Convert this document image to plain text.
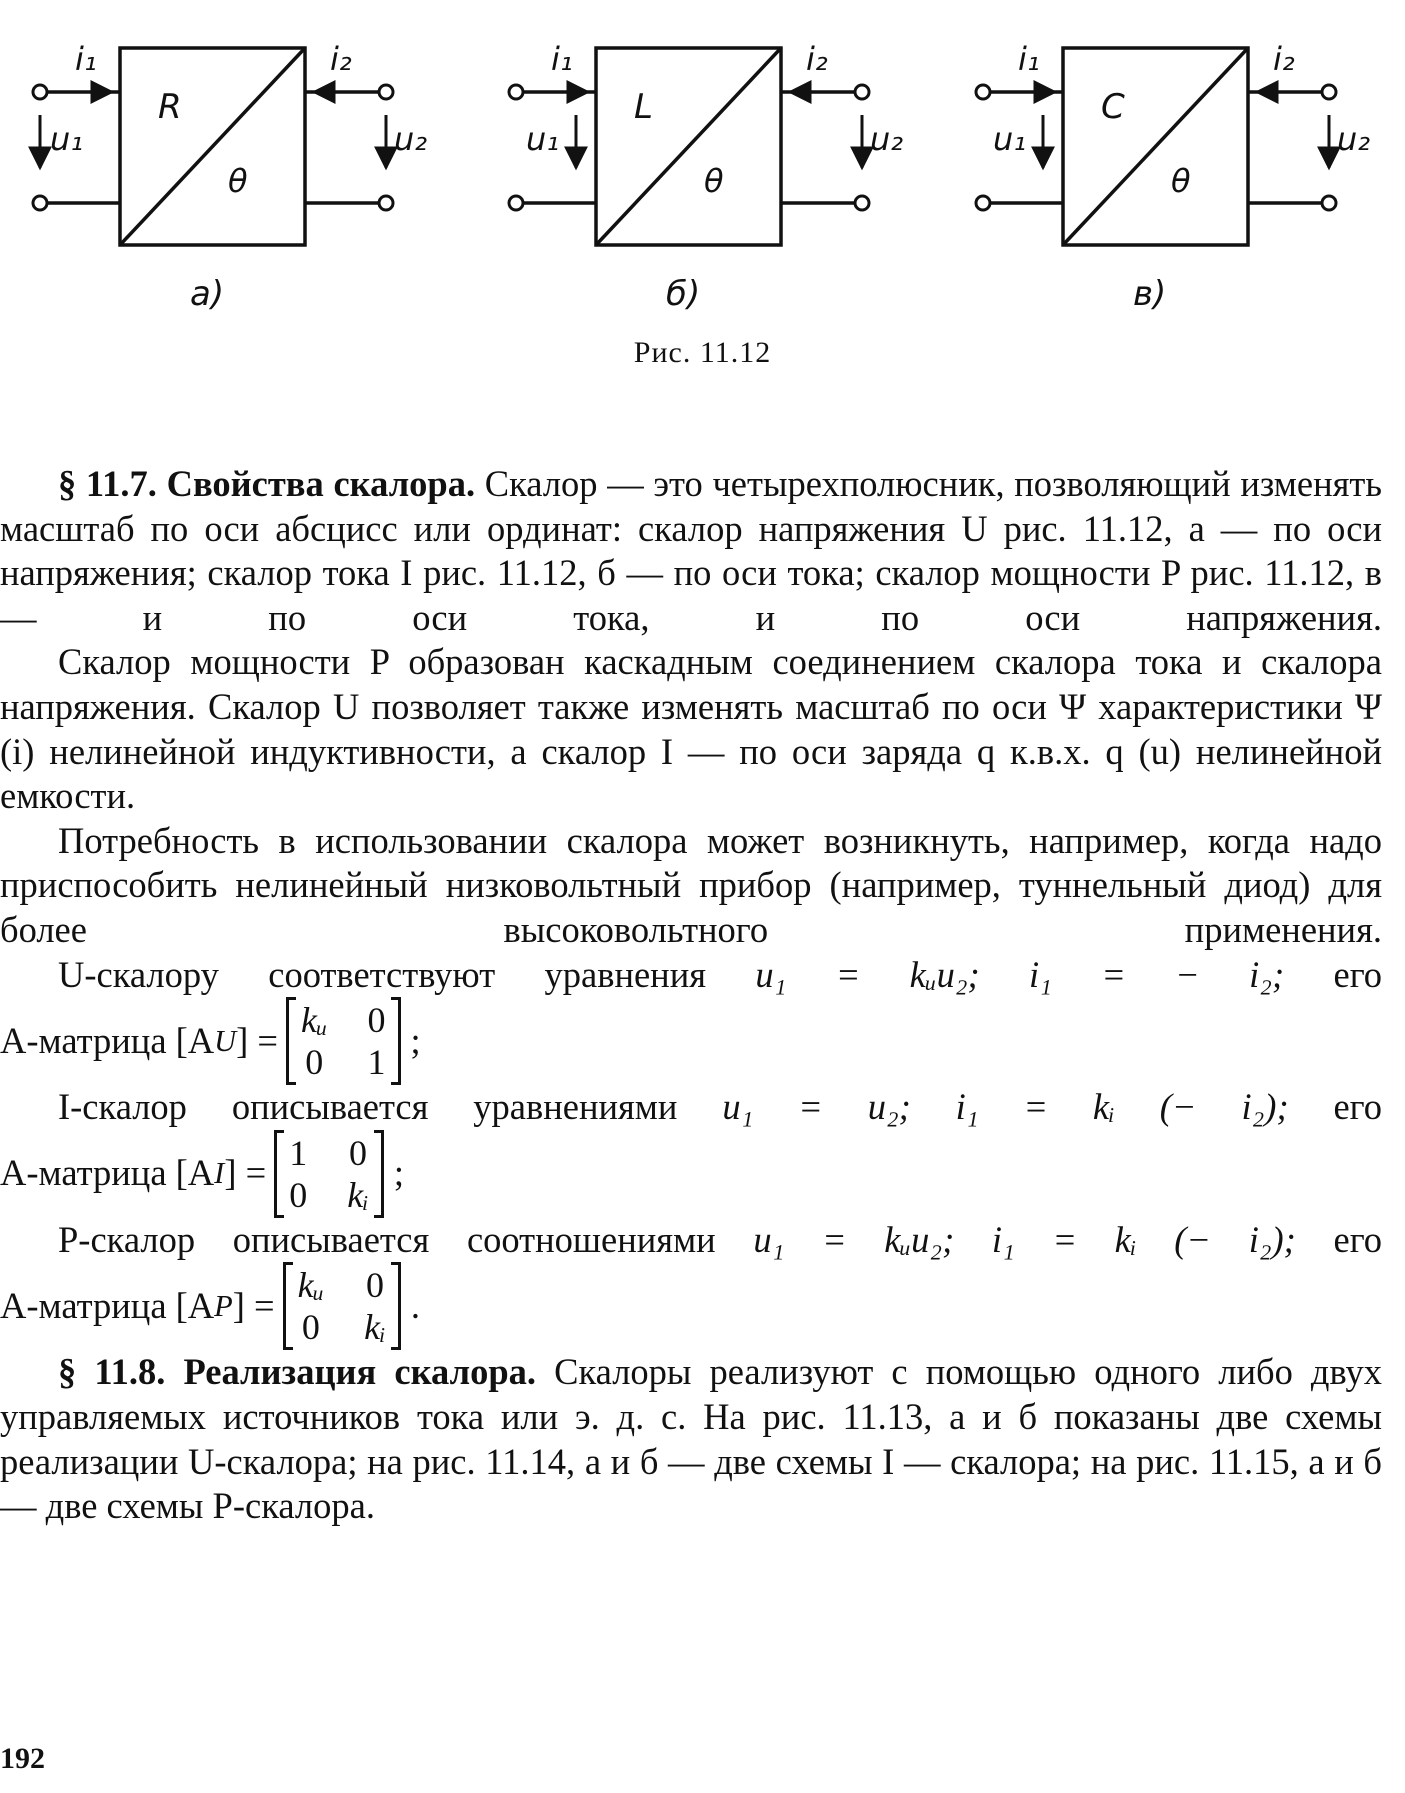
i₁	i₂
u₁	u₂
R
θ
а)
i₁	i₂
u₁	u₂
L
θ
б)
i₁	i₂
u₁	u₂
C
θ
в)
Рис. 11.12

§ 11.7. Свойства скалора. Скалор — это четырехполюсник, позволяющий изменять масштаб по оси абсцисс или ординат: скалор напряжения U рис. 11.12, а — по оси напряжения; скалор тока I рис. 11.12, б — по оси тока; скалор мощности P рис. 11.12, в — и по оси тока, и по оси напряжения.

Скалор мощности P образован каскадным соединением скалора тока и скалора напряжения. Скалор U позволяет также изменять масштаб по оси Ψ характеристики Ψ (i) нелинейной индуктивности, а скалор I — по оси заряда q к.в.х. q (u) нелинейной емкости.

Потребность в использовании скалора может возникнуть, например, когда надо приспособить нелинейный низковольтный прибор (например, туннельный диод) для более высоковольтного применения.

U-скалору соответствуют уравнения u₁ = kᵤu₂; i₁ = − i₂; его

A-матрица [A U ] = kᵤ 0
0 1
;

I-скалор описывается уравнениями u₁ = u₂; i₁ = kᵢ (− i₂); его

A-матрица [A I ] = 1 0
0 kᵢ
;

P-скалор описывается соотношениями u₁ = kᵤu₂; i₁ = kᵢ (− i₂); его

A-матрица [A P ] = kᵤ 0
0 kᵢ
.

§ 11.8. Реализация скалора. Скалоры реализуют с помощью одного либо двух управляемых источников тока или э. д. с. На рис. 11.13, а и б показаны две схемы реализации U-скалора; на рис. 11.14, а и б — две схемы I — скалора; на рис. 11.15, а и б — две схемы P-скалора.

192
